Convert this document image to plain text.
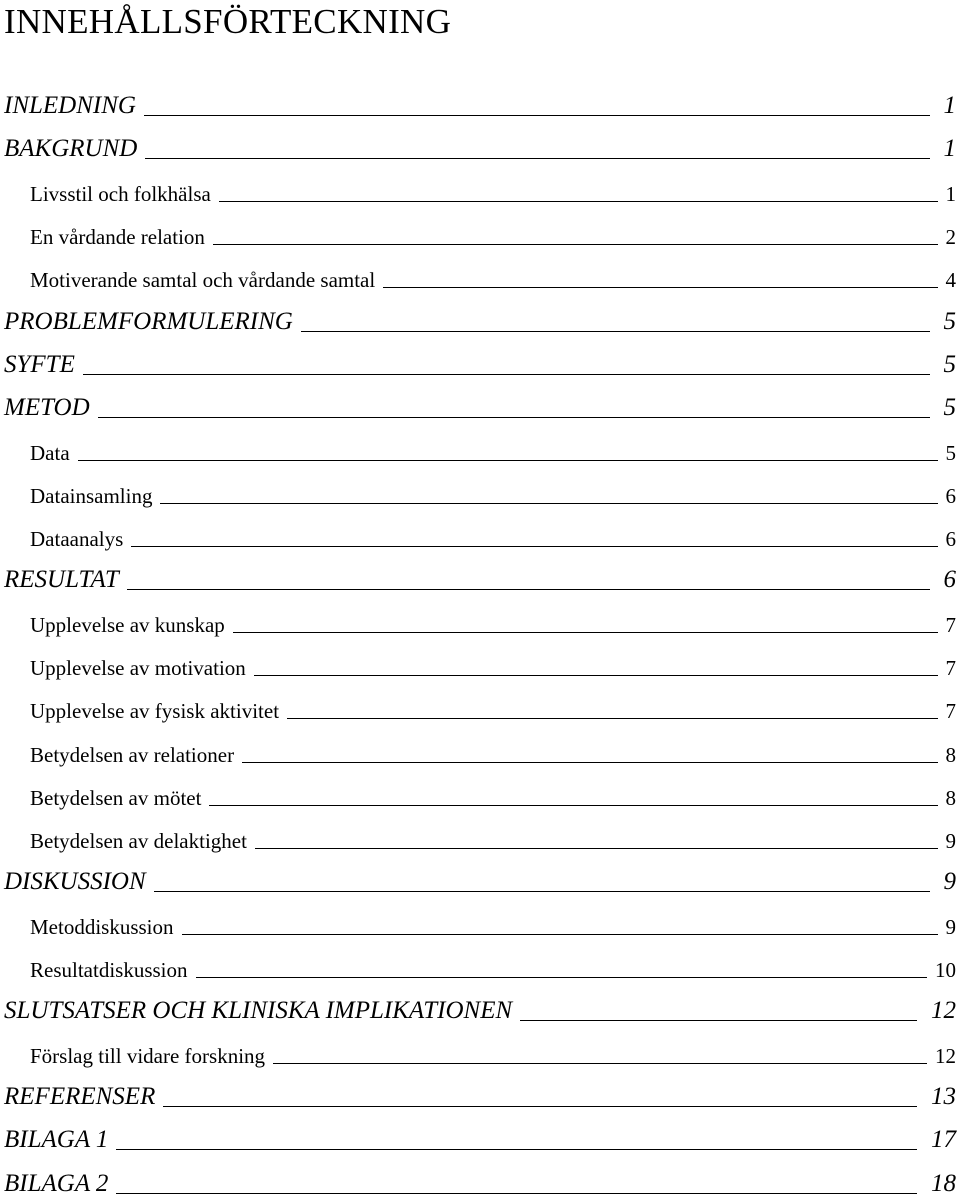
INNEHÅLLSFÖRTECKNING
INLEDNING	1
BAKGRUND	1
Livsstil och folkhälsa	1
En vårdande relation	2
Motiverande samtal och vårdande samtal	4
PROBLEMFORMULERING	5
SYFTE	5
METOD	5
Data	5
Datainsamling	6
Dataanalys	6
RESULTAT	6
Upplevelse av kunskap	7
Upplevelse av motivation	7
Upplevelse av fysisk aktivitet	7
Betydelsen av relationer	8
Betydelsen av mötet	8
Betydelsen av delaktighet	9
DISKUSSION	9
Metoddiskussion	9
Resultatdiskussion	10
SLUTSATSER OCH KLINISKA IMPLIKATIONEN	12
Förslag till vidare forskning	12
REFERENSER	13
BILAGA 1	17
BILAGA 2	18
